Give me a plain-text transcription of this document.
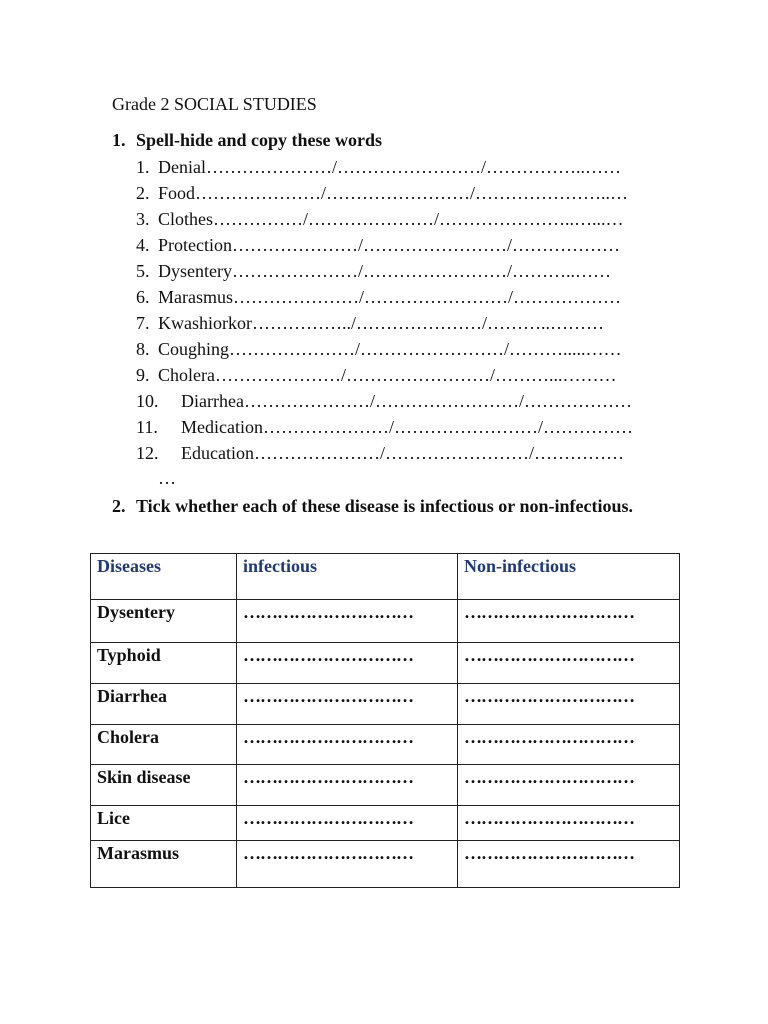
Grade 2 SOCIAL STUDIES
1. Spell-hide and copy these words
1. Denial…………………/……………………/……………..……
2. Food…………………/……………………/…………………..…
3. Clothes……………/…………………/…………………..…...…
4. Protection…………………/……………………/………………
5. Dysentery…………………/……………………/………..……
6. Marasmus…………………/……………………/………………
7. Kwashiorkor……………../…………………/………..………
8. Coughing…………………/……………………/……….....……
9. Cholera…………………/……………………/………...………
10. Diarrhea…………………/……………………/………………
11. Medication…………………/……………………/……………
12. Education…………………/……………………/……………
…
2. Tick whether each of these disease is infectious or non-infectious.
Diseases	infectious	Non-infectious
Dysentery	…………………………	…………………………
Typhoid	…………………………	…………………………
Diarrhea	…………………………	…………………………
Cholera	…………………………	…………………………
Skin disease	…………………………	…………………………
Lice	…………………………	…………………………
Marasmus	…………………………	…………………………
